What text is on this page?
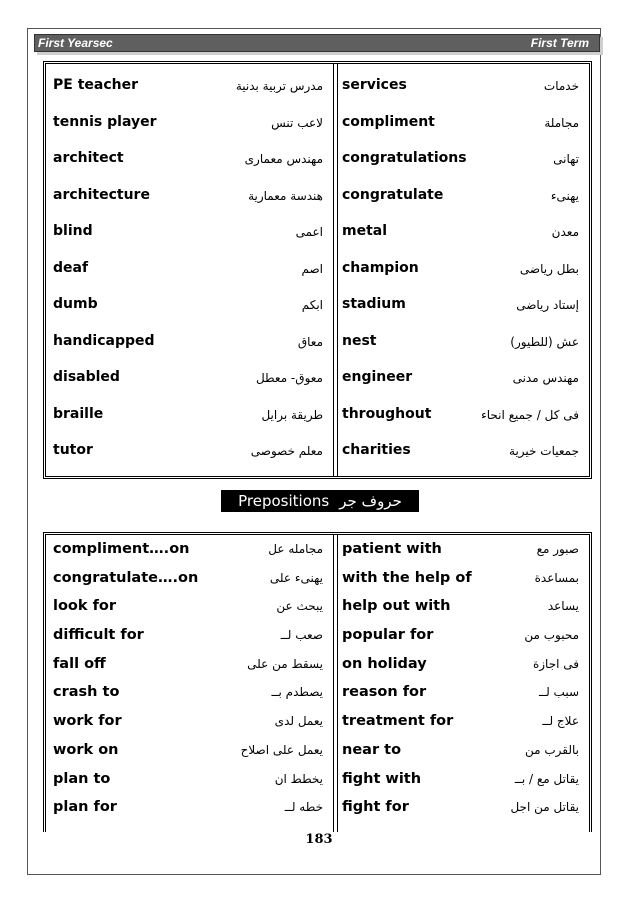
First Yearsec	First Term
PE teacher	مدرس تربية بدنية services	خدمات
tennis player	لاعب تنس compliment	مجاملة
architect	مهندس معمارى congratulations	تهانى
architecture	هندسة معمارية congratulate	يهنىء
blind	اعمى metal	معدن
deaf	اصم champion	بطل رياضى
dumb	ابكم stadium	إستاد رياضى
handicapped	معاق nest	عش (للطيور)
disabled	معوق- معطل engineer	مهندس مدنى
braille	طريقة برايل throughout	فى كل / جميع انحاء
tutor	معلم خصوصى charities	جمعيات خيرية
Prepositions حروف جر
compliment….on	مجامله عل patient with	صبور مع
congratulate….on	يهنىء على with the help of	بمساعدة
look for	يبحث عن help out with	يساعد
difficult for	صعب لــ popular for	محبوب من
fall off	يسقط من على on holiday	فى اجازة
crash to	يصطدم بــ reason for	سبب لــ
work for	يعمل لدى treatment for	علاج لــ
work on	يعمل على اصلاح near to	بالقرب من
plan to	يخطط ان fight with	يقاتل مع / بــ
plan for	خطه لــ fight for	يقاتل من اجل
183
